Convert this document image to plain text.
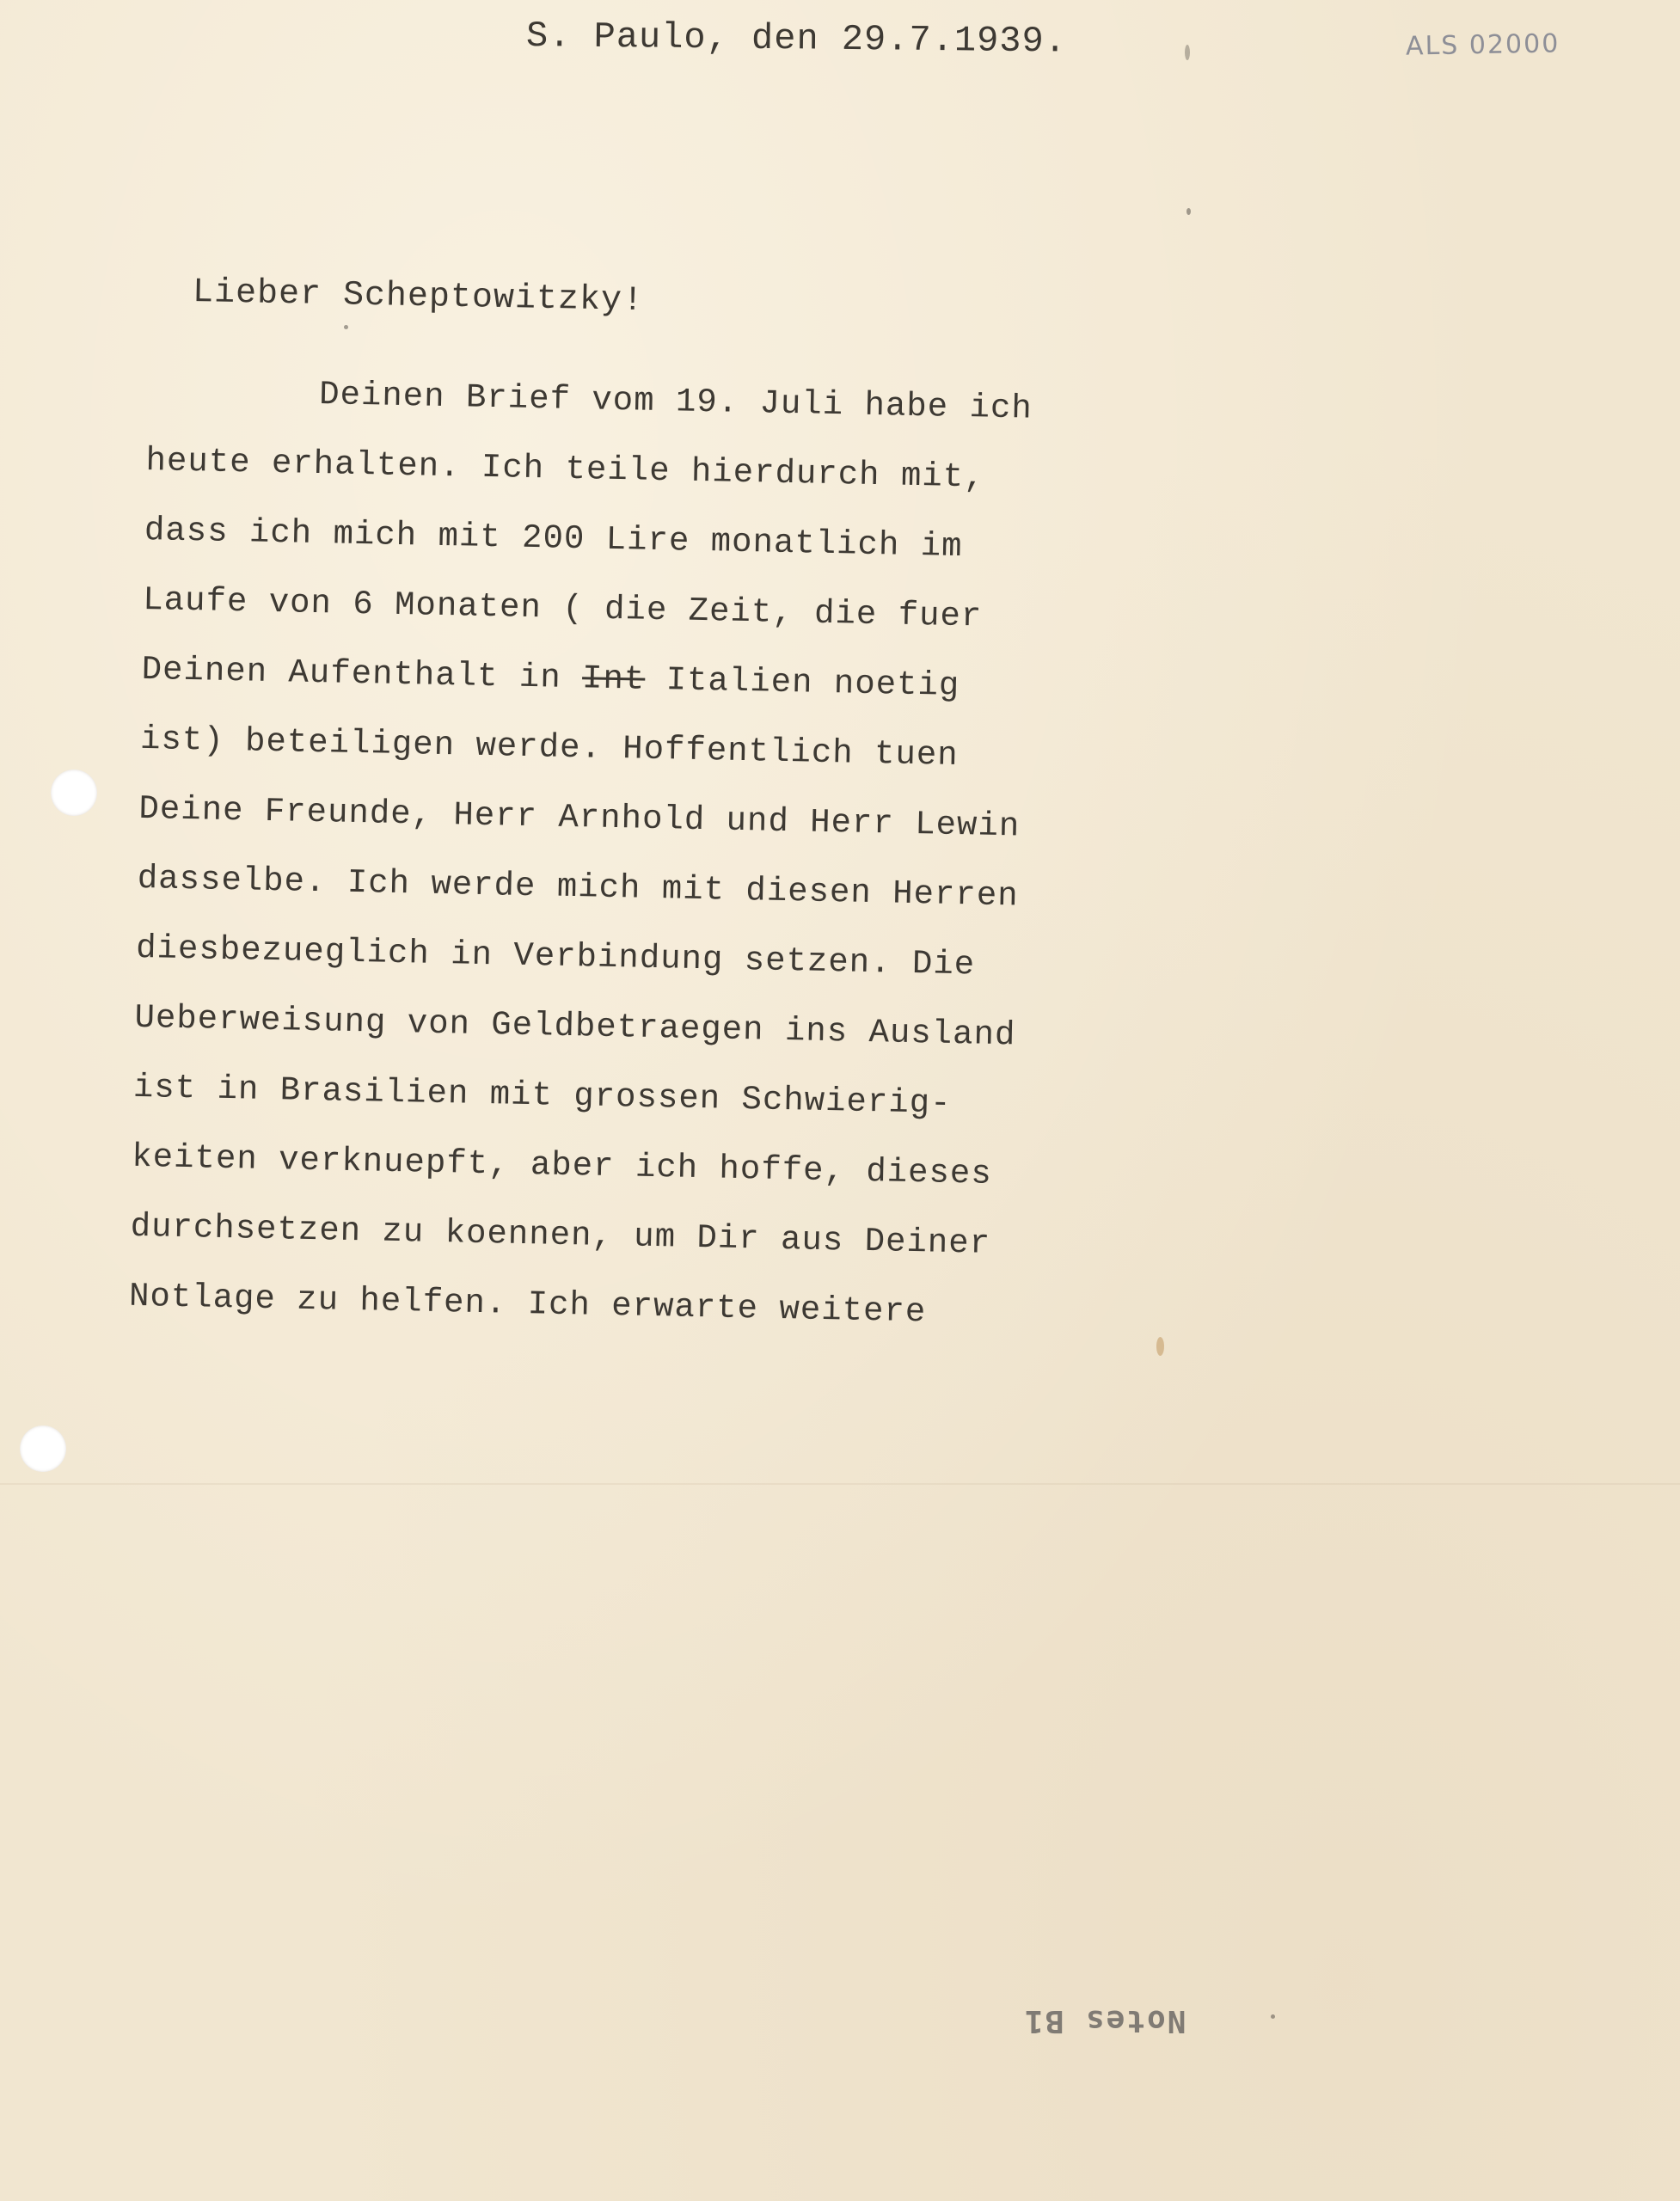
S. Paulo, den 29.7.1939.	ALS 02000
Lieber Scheptowitzky!
Deinen Brief vom 19. Juli habe ich
heute erhalten. Ich teile hierdurch mit,
dass ich mich mit 200 Lire monatlich im
Laufe von 6 Monaten ( die Zeit, die fuer
Deinen Aufenthalt in Int Italien noetig
ist) beteiligen werde. Hoffentlich tuen
Deine Freunde, Herr Arnhold und Herr Lewin
dasselbe. Ich werde mich mit diesen Herren
diesbezueglich in Verbindung setzen. Die
Ueberweisung von Geldbetraegen ins Ausland
ist in Brasilien mit grossen Schwierig-
keiten verknuepft, aber ich hoffe, dieses
durchsetzen zu koennen, um Dir aus Deiner
Notlage zu helfen. Ich erwarte weitere
Notes B1
